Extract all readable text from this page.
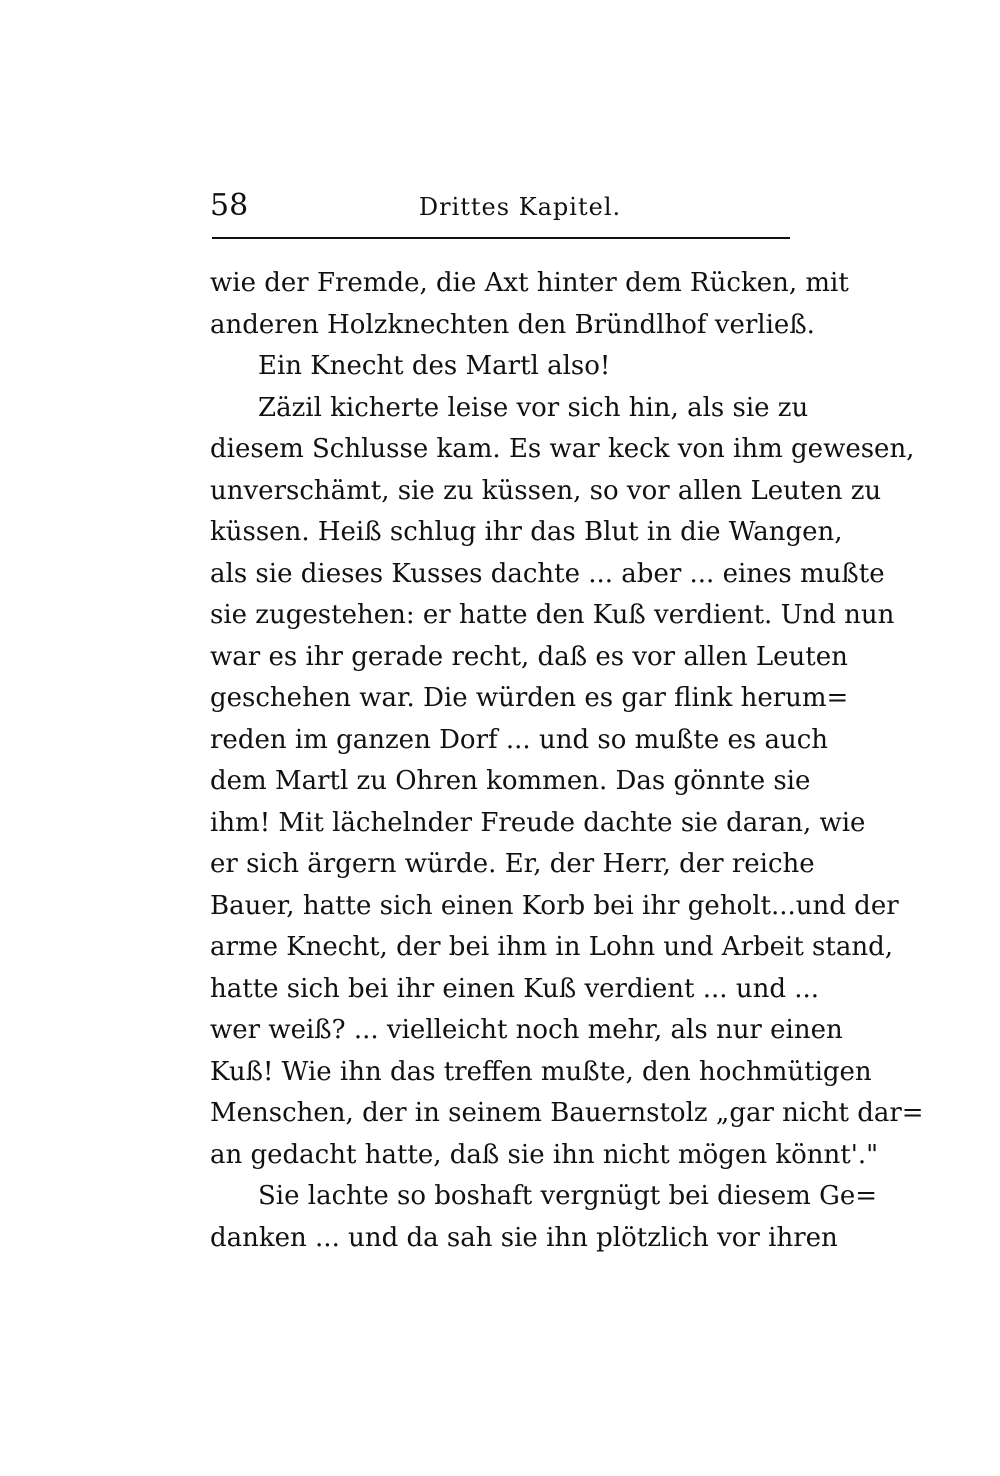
58	Drittes Kapitel.
wie der Fremde, die Axt hinter dem Rücken, mit
anderen Holzknechten den Bründlhof verließ.
Ein Knecht des Martl also!
Zäzil kicherte leise vor sich hin, als sie zu
diesem Schlusse kam. Es war keck von ihm gewesen,
unverschämt, sie zu küssen, so vor allen Leuten zu
küssen. Heiß schlug ihr das Blut in die Wangen,
als sie dieses Kusses dachte ... aber ... eines mußte
sie zugestehen: er hatte den Kuß verdient. Und nun
war es ihr gerade recht, daß es vor allen Leuten
geschehen war. Die würden es gar flink herum=
reden im ganzen Dorf ... und so mußte es auch
dem Martl zu Ohren kommen. Das gönnte sie
ihm! Mit lächelnder Freude dachte sie daran, wie
er sich ärgern würde. Er, der Herr, der reiche
Bauer, hatte sich einen Korb bei ihr geholt...und der
arme Knecht, der bei ihm in Lohn und Arbeit stand,
hatte sich bei ihr einen Kuß verdient ... und ...
wer weiß? ... vielleicht noch mehr, als nur einen
Kuß! Wie ihn das treffen mußte, den hochmütigen
Menschen, der in seinem Bauernstolz „gar nicht dar=
an gedacht hatte, daß sie ihn nicht mögen könnt'."
Sie lachte so boshaft vergnügt bei diesem Ge=
danken ... und da sah sie ihn plötzlich vor ihren
